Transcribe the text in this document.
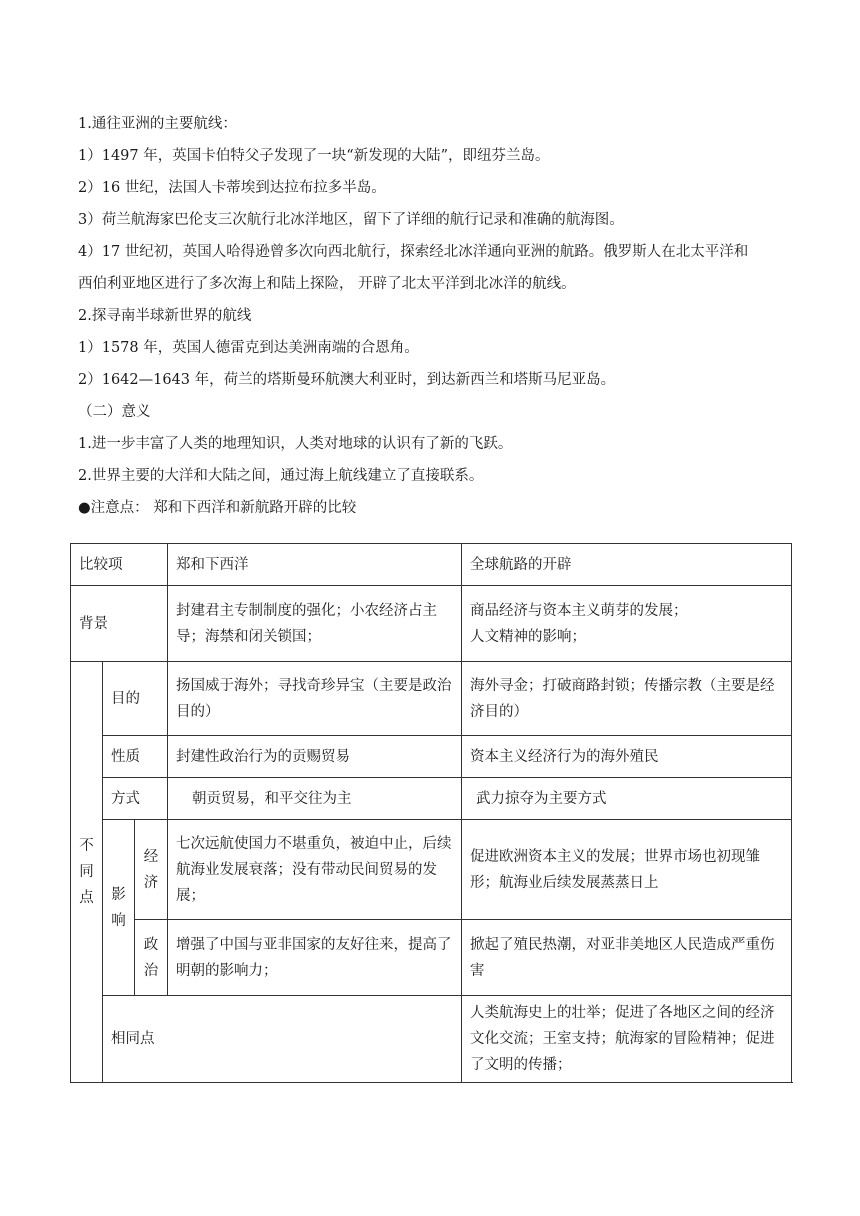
1.通往亚洲的主要航线：

1）1497 年，英国卡伯特父子发现了一块“新发现的大陆”，即纽芬兰岛。

2）16 世纪，法国人卡蒂埃到达拉布拉多半岛。

3）荷兰航海家巴伦支三次航行北冰洋地区，留下了详细的航行记录和准确的航海图。

4）17 世纪初，英国人哈得逊曾多次向西北航行，探索经北冰洋通向亚洲的航路。俄罗斯人在北太平洋和

西伯利亚地区进行了多次海上和陆上探险， 开辟了北太平洋到北冰洋的航线。

2.探寻南半球新世界的航线

1）1578 年，英国人德雷克到达美洲南端的合恩角。

2）1642—1643 年，荷兰的塔斯曼环航澳大利亚时，到达新西兰和塔斯马尼亚岛。

（二）意义

1.进一步丰富了人类的地理知识，人类对地球的认识有了新的飞跃。

2.世界主要的大洋和大陆之间，通过海上航线建立了直接联系。

●注意点： 郑和下西洋和新航路开辟的比较

比较项			郑和下西洋	全球航路的开辟
背景			封建君主专制制度的强化；小农经济占主导；海禁和闭关锁国；	商品经济与资本主义萌芽的发展；
人文精神的影响；

不同点	目的		扬国威于海外；寻找奇珍异宝（主要是政治目的）	海外寻金；打破商路封锁；传播宗教（主要是经济目的）
	性质		封建性政治行为的贡赐贸易	资本主义经济行为的海外殖民
	方式		朝贡贸易，和平交往为主	武力掠夺为主要方式

	影响	经济	七次远航使国力不堪重负，被迫中止，后续航海业发展衰落；没有带动民间贸易的发展；	促进欧洲资本主义的发展；世界市场也初现雏形；航海业后续发展蒸蒸日上

		政治	增强了中国与亚非国家的友好往来，提高了明朝的影响力；	掀起了殖民热潮，对亚非美地区人民造成严重伤害
	相同点			人类航海史上的壮举；促进了各地区之间的经济文化交流；王室支持；航海家的冒险精神；促进了文明的传播；
